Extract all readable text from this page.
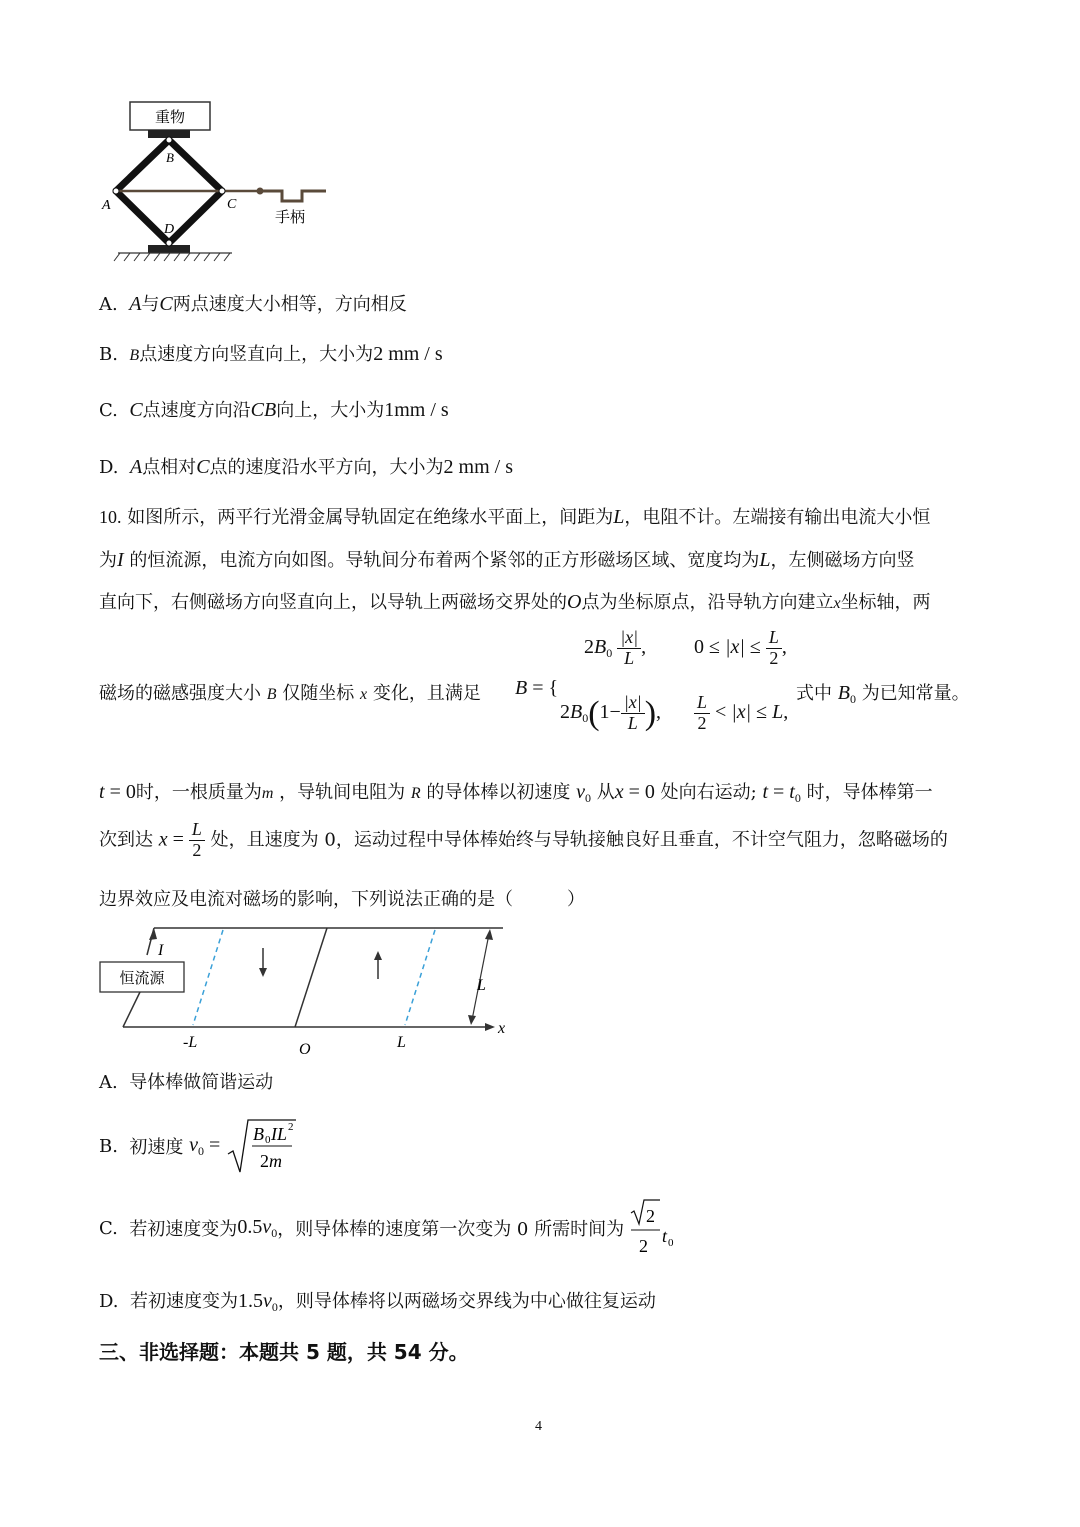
重物
B
A	C
D
手柄
A. A与C两点速度大小相等，方向相反
B. B点速度方向竖直向上，大小为2 mm / s
C. C点速度方向沿CB向上，大小为1mm / s
D. A点相对C点的速度沿水平方向，大小为2 mm / s
10. 如图所示，两平行光滑金属导轨固定在绝缘水平面上，间距为L，电阻不计。左端接有输出电流大小恒
为I 的恒流源，电流方向如图。导轨间分布着两个紧邻的正方形磁场区域、宽度均为L，左侧磁场方向竖
直向下，右侧磁场方向竖直向上，以导轨上两磁场交界处的O点为坐标原点，沿导轨方向建立x坐标轴，两
磁场的磁感强度大小 B 仅随坐标 x 变化，且满足 B = {
$2B_0 \frac{|x|}{L}$ , $0 \le |x| \le \frac{L}{2}$ ,
$2B_0(1- \frac{|x|}{L}$ ), $\frac{L}{2} < |x| \le L$,
式中 $B_0$ 为已知常量。
t = 0时，一根质量为m ，导轨间电阻为 R 的导体棒以初速度 $v_0$ 从x = 0 处向右运动; $t = t_0$ 时，导体棒第一
次到达 $x = \frac{L}{2}$ 处，且速度为 0，运动过程中导体棒始终与导轨接触良好且垂直，不计空气阻力，忽略磁场的
边界效应及电流对磁场的影响，下列说法正确的是（　　　）
I
恒流源	L
x
-L	O	L
A. 导体棒做简谐运动
B. 初速度 $v_0 = B$ 0 IL 2
2m
C. 若初速度变为$0.5v_0$，则导体棒的速度第一次变为 0 所需时间为
2
2 t 0
D. 若初速度变为$1.5v_0$，则导体棒将以两磁场交界线为中心做往复运动
三、非选择题：本题共 5 题，共 54 分。
4
